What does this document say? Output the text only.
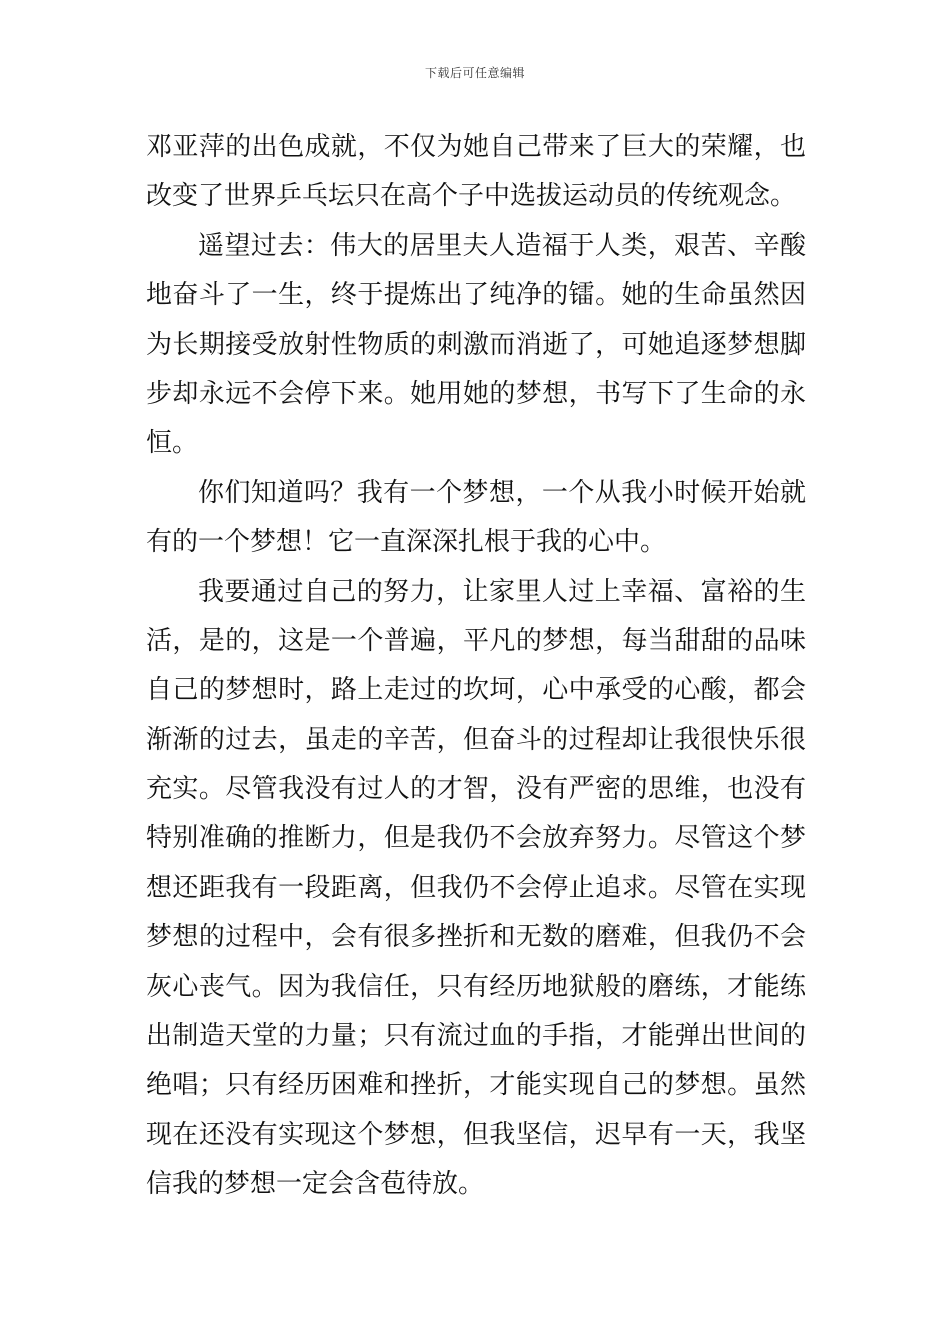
下载后可任意编辑

邓亚萍的出色成就，不仅为她自己带来了巨大的荣耀，也
改变了世界乒乓坛只在高个子中选拔运动员的传统观念。

遥望过去：伟大的居里夫人造福于人类，艰苦、辛酸
地奋斗了一生，终于提炼出了纯净的镭。她的生命虽然因
为长期接受放射性物质的刺激而消逝了，可她追逐梦想脚
步却永远不会停下来。她用她的梦想，书写下了生命的永
恒。

你们知道吗？我有一个梦想，一个从我小时候开始就
有的一个梦想！它一直深深扎根于我的心中。

我要通过自己的努力，让家里人过上幸福、富裕的生
活，是的，这是一个普遍，平凡的梦想，每当甜甜的品味
自己的梦想时，路上走过的坎坷，心中承受的心酸，都会
渐渐的过去，虽走的辛苦，但奋斗的过程却让我很快乐很
充实。尽管我没有过人的才智，没有严密的思维，也没有
特别准确的推断力，但是我仍不会放弃努力。尽管这个梦
想还距我有一段距离，但我仍不会停止追求。尽管在实现
梦想的过程中，会有很多挫折和无数的磨难，但我仍不会
灰心丧气。因为我信任，只有经历地狱般的磨练，才能练
出制造天堂的力量；只有流过血的手指，才能弹出世间的
绝唱；只有经历困难和挫折，才能实现自己的梦想。虽然
现在还没有实现这个梦想，但我坚信，迟早有一天，我坚
信我的梦想一定会含苞待放。
